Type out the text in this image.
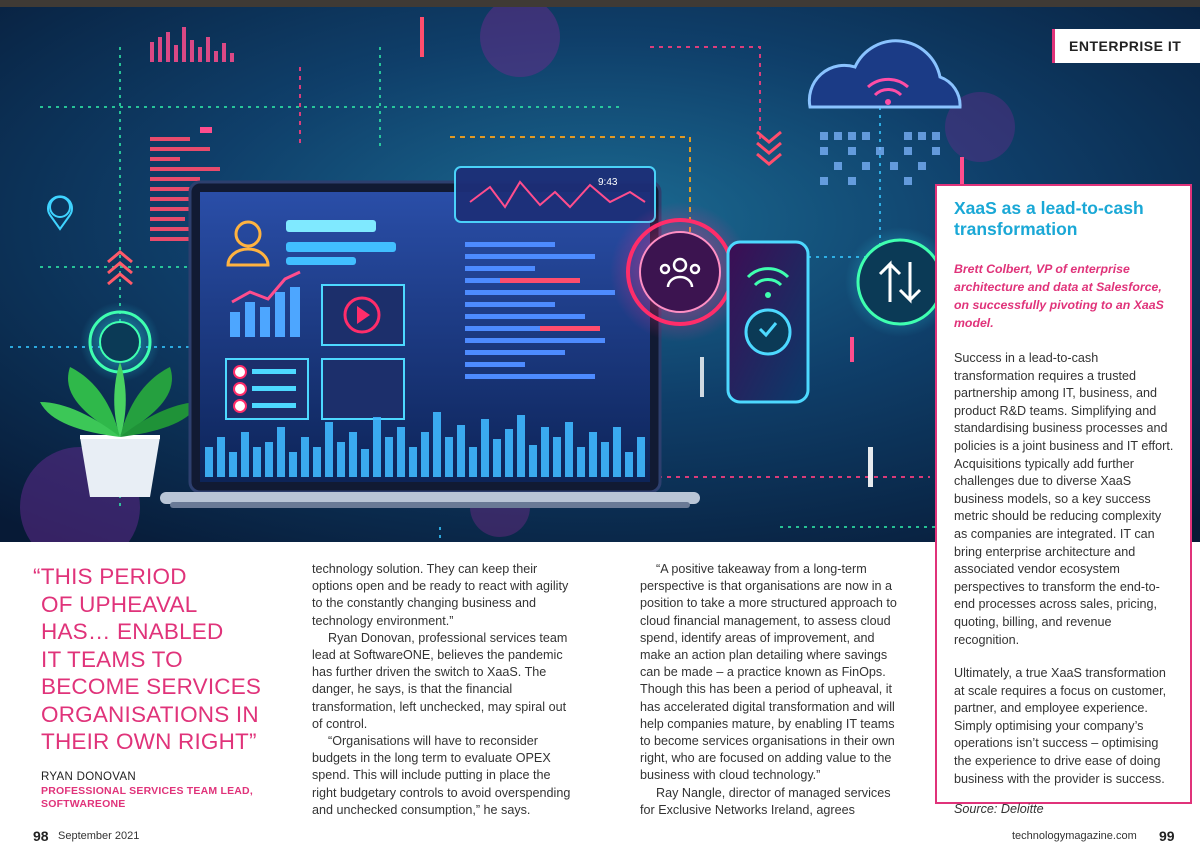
9:43
ENTERPRISE IT
XaaS as a lead-to-cash transformation
Brett Colbert, VP of enterprise architecture and data at Salesforce, on successfully pivoting to an XaaS model.

Success in a lead-to-cash transformation requires a trusted partnership among IT, business, and product R&D teams. Simplifying and standardising business processes and policies is a joint business and IT effort. Acquisitions typically add further challenges due to diverse XaaS business models, so a key success metric should be reducing complexity as companies are integrated. IT can bring enterprise architecture and associated vendor ecosystem perspectives to transform the end-to-end processes across sales, pricing, quoting, billing, and revenue recognition.

Ultimately, a true XaaS transformation at scale requires a focus on customer, partner, and employee experience. Simply optimising your company’s operations isn’t success – optimising the experience to drive ease of doing business with the provider is success.

Source: Deloitte
“THIS PERIOD
OF UPHEAVAL
HAS… ENABLED
IT TEAMS TO
BECOME SERVICES
ORGANISATIONS IN
THEIR OWN RIGHT”
RYAN DONOVAN
PROFESSIONAL SERVICES TEAM LEAD, SOFTWAREONE

technology solution. They can keep their options open and be ready to react with agility to the constantly changing business and technology environment.”

Ryan Donovan, professional services team lead at SoftwareONE, believes the pandemic has further driven the switch to XaaS. The danger, he says, is that the financial transformation, left unchecked, may spiral out of control.

“Organisations will have to reconsider budgets in the long term to evaluate OPEX spend. This will include putting in place the right budgetary controls to avoid overspending and unchecked consumption,” he says.

“A positive takeaway from a long-term perspective is that organisations are now in a position to take a more structured approach to cloud financial management, to assess cloud spend, identify areas of improvement, and make an action plan detailing where savings can be made – a practice known as FinOps. Though this has been a period of upheaval, it has accelerated digital transformation and will help companies mature, by enabling IT teams to become services organisations in their own right, who are focused on adding value to the business with cloud technology.”

Ray Nangle, director of managed services for Exclusive Networks Ireland, agrees

98 September 2021	technologymagazine.com 99
